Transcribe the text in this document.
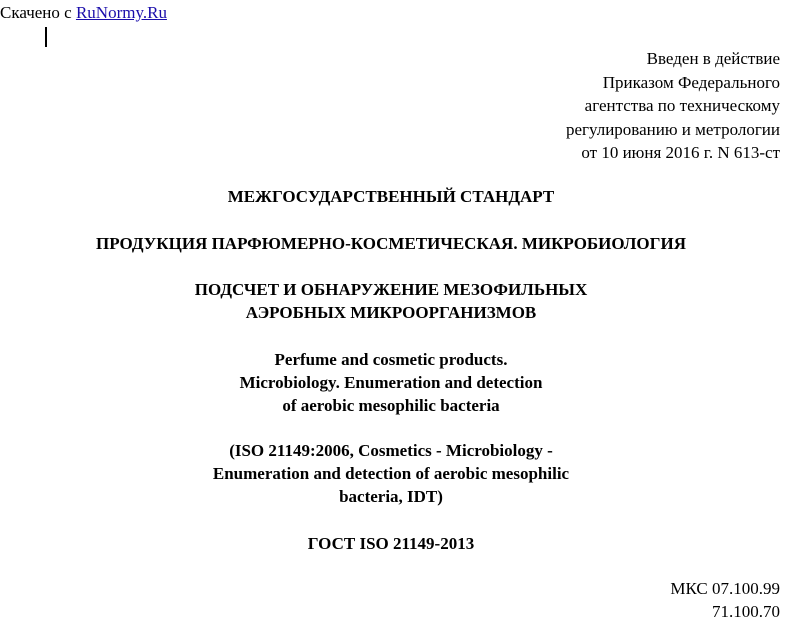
Скачено с RuNormy.Ru
Введен в действие
Приказом Федерального
агентства по техническому
регулированию и метрологии
от 10 июня 2016 г. N 613-ст
МЕЖГОСУДАРСТВЕННЫЙ СТАНДАРТ
ПРОДУКЦИЯ ПАРФЮМЕРНО-КОСМЕТИЧЕСКАЯ. МИКРОБИОЛОГИЯ
ПОДСЧЕТ И ОБНАРУЖЕНИЕ МЕЗОФИЛЬНЫХ
АЭРОБНЫХ МИКРООРГАНИЗМОВ
Perfume and cosmetic products.
Microbiology. Enumeration and detection
of aerobic mesophilic bacteria
(ISO 21149:2006, Cosmetics - Microbiology -
Enumeration and detection of aerobic mesophilic
bacteria, IDT)
ГОСТ ISO 21149-2013
МКС 07.100.99
71.100.70
